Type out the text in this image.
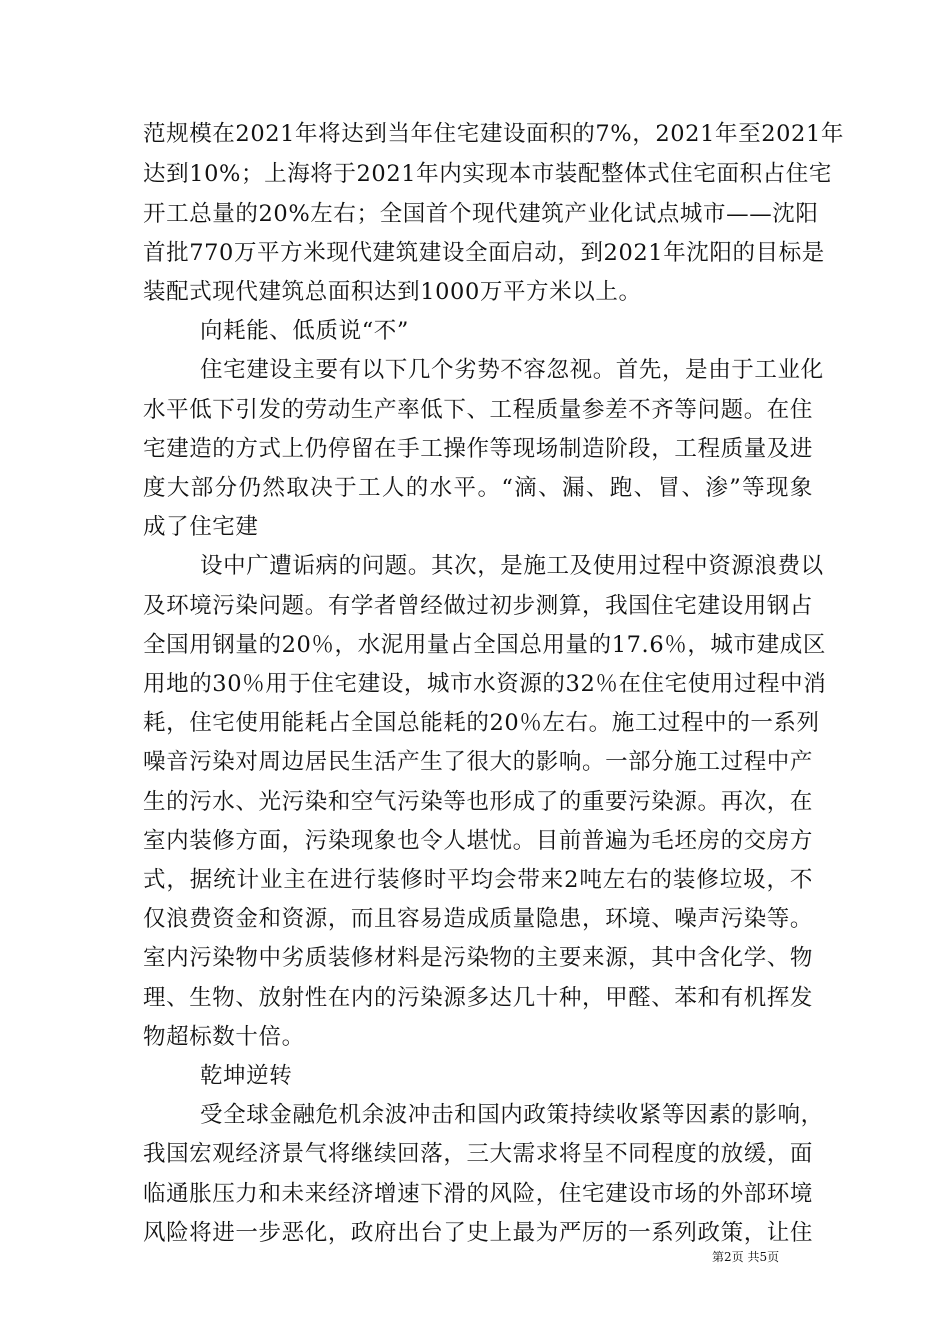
范规模在2021年将达到当年住宅建设面积的7%，2021年至2021年
达到10%；上海将于2021年内实现本市装配整体式住宅面积占住宅
开工总量的20%左右；全国首个现代建筑产业化试点城市——沈阳
首批770万平方米现代建筑建设全面启动，到2021年沈阳的目标是
装配式现代建筑总面积达到1000万平方米以上。
向耗能、低质说“不”
住宅建设主要有以下几个劣势不容忽视。首先，是由于工业化
水平低下引发的劳动生产率低下、工程质量参差不齐等问题。在住
宅建造的方式上仍停留在手工操作等现场制造阶段，工程质量及进
度大部分仍然取决于工人的水平。“滴、漏、跑、冒、渗”等现象
成了住宅建
设中广遭诟病的问题。其次，是施工及使用过程中资源浪费以
及环境污染问题。有学者曾经做过初步测算，我国住宅建设用钢占
全国用钢量的20％，水泥用量占全国总用量的17.6％，城市建成区
用地的30％用于住宅建设，城市水资源的32％在住宅使用过程中消
耗，住宅使用能耗占全国总能耗的20％左右。施工过程中的一系列
噪音污染对周边居民生活产生了很大的影响。一部分施工过程中产
生的污水、光污染和空气污染等也形成了的重要污染源。再次，在
室内装修方面，污染现象也令人堪忧。目前普遍为毛坯房的交房方
式，据统计业主在进行装修时平均会带来2吨左右的装修垃圾，不
仅浪费资金和资源，而且容易造成质量隐患，环境、噪声污染等。
室内污染物中劣质装修材料是污染物的主要来源，其中含化学、物
理、生物、放射性在内的污染源多达几十种，甲醛、苯和有机挥发
物超标数十倍。
乾坤逆转
受全球金融危机余波冲击和国内政策持续收紧等因素的影响，
我国宏观经济景气将继续回落，三大需求将呈不同程度的放缓，面
临通胀压力和未来经济增速下滑的风险，住宅建设市场的外部环境
风险将进一步恶化，政府出台了史上最为严厉的一系列政策，让住
第2页 共5页
